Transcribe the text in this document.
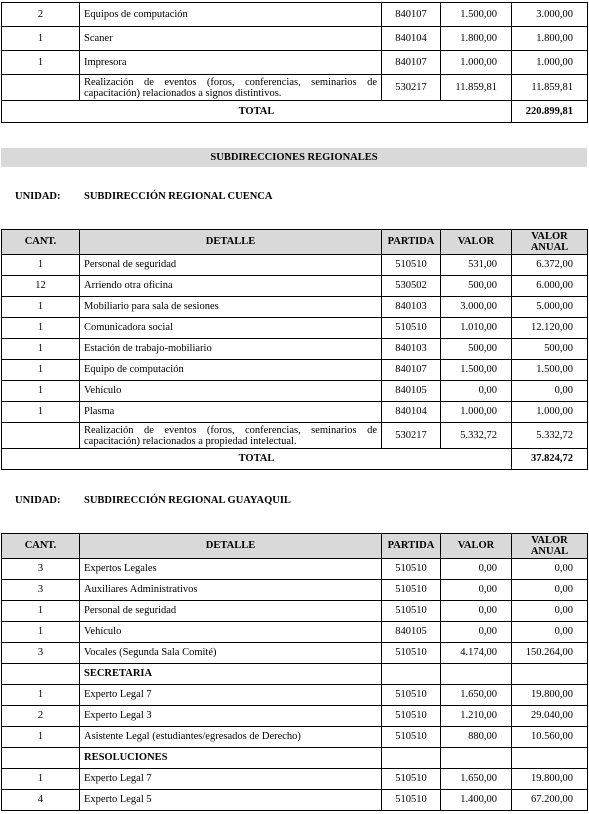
2	Equipos de computación	840107	1.500,00	3.000,00
1	Scaner	840104	1.800,00	1.800,00
1	Impresora	840107	1.000,00	1.000,00
	Realización de eventos (foros, conferencias, seminarios de capacitación) relacionados a signos distintivos.	530217	11.859,81	11.859,81
TOTAL				220.899,81
SUBDIRECCIONES REGIONALES
UNIDAD: SUBDIRECCIÓN REGIONAL CUENCA
CANT.	DETALLE	PARTIDA	VALOR	VALOR ANUAL
1	Personal de seguridad	510510	531,00	6.372,00
12	Arriendo otra oficina	530502	500,00	6.000,00
1	Mobiliario para sala de sesiones	840103	3.000,00	5.000,00
1	Comunicadora social	510510	1.010,00	12.120,00
1	Estación de trabajo-mobiliario	840103	500,00	500,00
1	Equipo de computación	840107	1.500,00	1.500,00
1	Vehículo	840105	0,00	0,00
1	Plasma	840104	1.000,00	1.000,00
	Realización de eventos (foros, conferencias, seminarios de capacitación) relacionados a propiedad intelectual.	530217	5.332,72	5.332,72
TOTAL				37.824,72
UNIDAD: SUBDIRECCIÓN REGIONAL GUAYAQUIL
CANT.	DETALLE	PARTIDA	VALOR	VALOR ANUAL
3	Expertos Legales	510510	0,00	0,00
3	Auxiliares Administrativos	510510	0,00	0,00
1	Personal de seguridad	510510	0,00	0,00
1	Vehículo	840105	0,00	0,00
3	Vocales (Segunda Sala Comité)	510510	4.174,00	150.264,00
	SECRETARIA			
1	Experto Legal 7	510510	1.650,00	19.800,00
2	Experto Legal 3	510510	1.210,00	29.040,00
1	Asistente Legal (estudiantes/egresados de Derecho)	510510	880,00	10.560,00
	RESOLUCIONES			
1	Experto Legal 7	510510	1.650,00	19.800,00
4	Experto Legal 5	510510	1.400,00	67.200,00
